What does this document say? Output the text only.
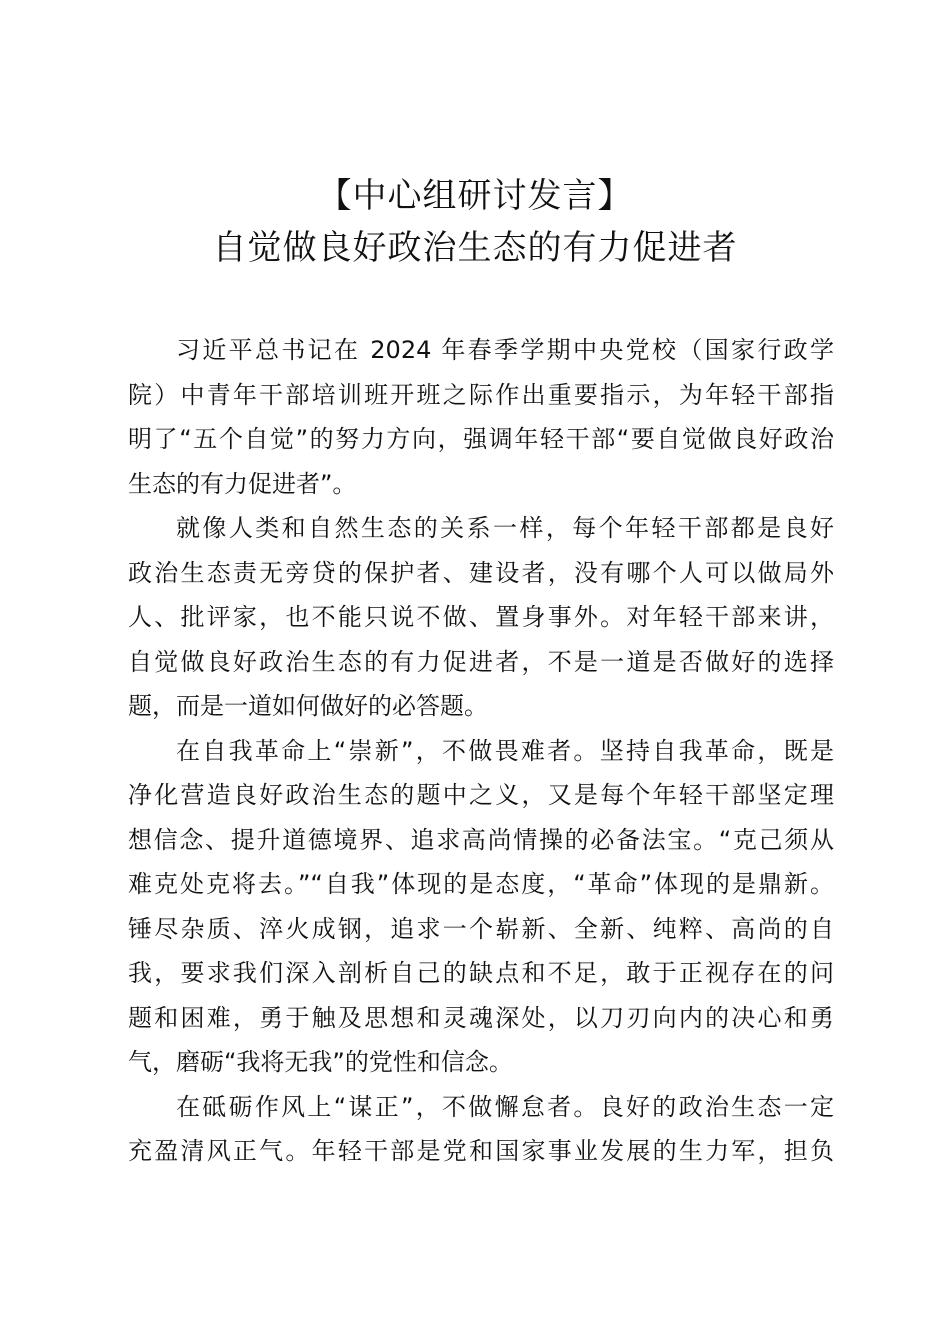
【中心组研讨发言】
自觉做良好政治生态的有力促进者
习近平总书记在 2024 年春季学期中央党校（国家行政学
院）中青年干部培训班开班之际作出重要指示，为年轻干部指
明了“五个自觉”的努力方向，强调年轻干部“要自觉做良好政治
生态的有力促进者”。
就像人类和自然生态的关系一样，每个年轻干部都是良好
政治生态责无旁贷的保护者、建设者，没有哪个人可以做局外
人、批评家，也不能只说不做、置身事外。对年轻干部来讲，
自觉做良好政治生态的有力促进者，不是一道是否做好的选择
题，而是一道如何做好的必答题。
在自我革命上“崇新”，不做畏难者。坚持自我革命，既是
净化营造良好政治生态的题中之义，又是每个年轻干部坚定理
想信念、提升道德境界、追求高尚情操的必备法宝。“克己须从
难克处克将去。”“自我”体现的是态度，“革命”体现的是鼎新。
锤尽杂质、淬火成钢，追求一个崭新、全新、纯粹、高尚的自
我，要求我们深入剖析自己的缺点和不足，敢于正视存在的问
题和困难，勇于触及思想和灵魂深处，以刀刃向内的决心和勇
气，磨砺“我将无我”的党性和信念。
在砥砺作风上“谋正”，不做懈怠者。良好的政治生态一定
充盈清风正气。年轻干部是党和国家事业发展的生力军，担负
